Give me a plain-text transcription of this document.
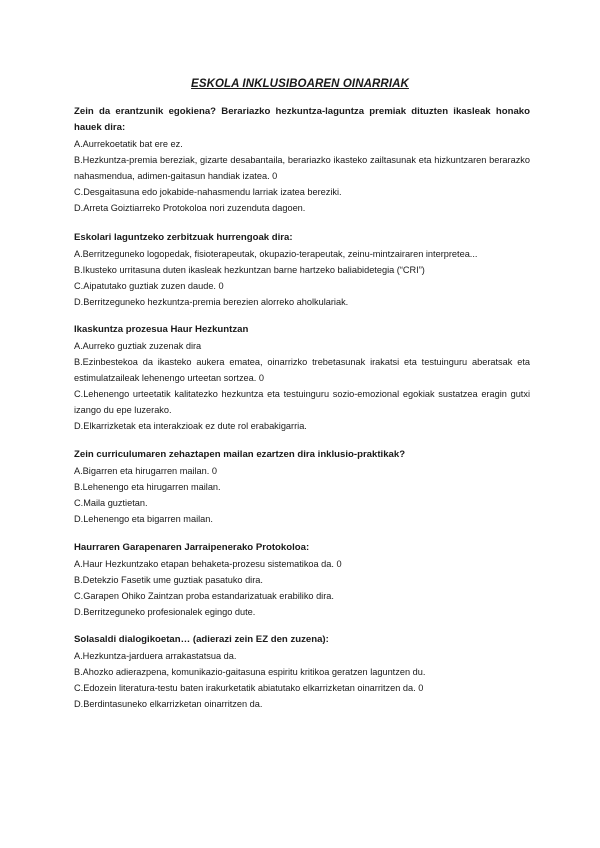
ESKOLA INKLUSIBOAREN OINARRIAK

Zein da erantzunik egokiena? Berariazko hezkuntza-laguntza premiak dituzten ikasleak honako hauek dira:

A.Aurrekoetatik bat ere ez.

B.Hezkuntza-premia bereziak, gizarte desabantaila, berariazko ikasteko zailtasunak eta hizkuntzaren berarazko nahasmendua, adimen-gaitasun handiak izatea. 0

C.Desgaitasuna edo jokabide-nahasmendu larriak izatea bereziki.

D.Arreta Goiztiarreko Protokoloa nori zuzenduta dagoen.

Eskolari laguntzeko zerbitzuak hurrengoak dira:

A.Berritzeguneko logopedak, fisioterapeutak, okupazio-terapeutak, zeinu-mintzairaren interpretea...

B.Ikusteko urritasuna duten ikasleak hezkuntzan barne hartzeko baliabidetegia (“CRI”)

C.Aipatutako guztiak zuzen daude. 0

D.Berritzeguneko hezkuntza-premia berezien alorreko aholkulariak.

Ikaskuntza prozesua Haur Hezkuntzan

A.Aurreko guztiak zuzenak dira

B.Ezinbestekoa da ikasteko aukera ematea, oinarrizko trebetasunak irakatsi eta testuinguru aberatsak eta estimulatzaileak lehenengo urteetan sortzea. 0

C.Lehenengo urteetatik kalitatezko hezkuntza eta testuinguru sozio-emozional egokiak sustatzea eragin gutxi izango du epe luzerako.

D.Elkarrizketak eta interakzioak ez dute rol erabakigarria.

Zein curriculumaren zehaztapen mailan ezartzen dira inklusio-praktikak?

A.Bigarren eta hirugarren mailan. 0

B.Lehenengo eta hirugarren mailan.

C.Maila guztietan.

D.Lehenengo eta bigarren mailan.

Haurraren Garapenaren Jarraipenerako Protokoloa:

A.Haur Hezkuntzako etapan behaketa-prozesu sistematikoa da. 0

B.Detekzio Fasetik ume guztiak pasatuko dira.

C.Garapen Ohiko Zaintzan proba estandarizatuak erabiliko dira.

D.Berritzeguneko profesionalek egingo dute.

Solasaldi dialogikoetan… (adierazi zein EZ den zuzena):

A.Hezkuntza-jarduera arrakastatsua da.

B.Ahozko adierazpena, komunikazio-gaitasuna espiritu kritikoa geratzen laguntzen du.

C.Edozein literatura-testu baten irakurketatik abiatutako elkarrizketan oinarritzen da. 0

D.Berdintasuneko elkarrizketan oinarritzen da.
